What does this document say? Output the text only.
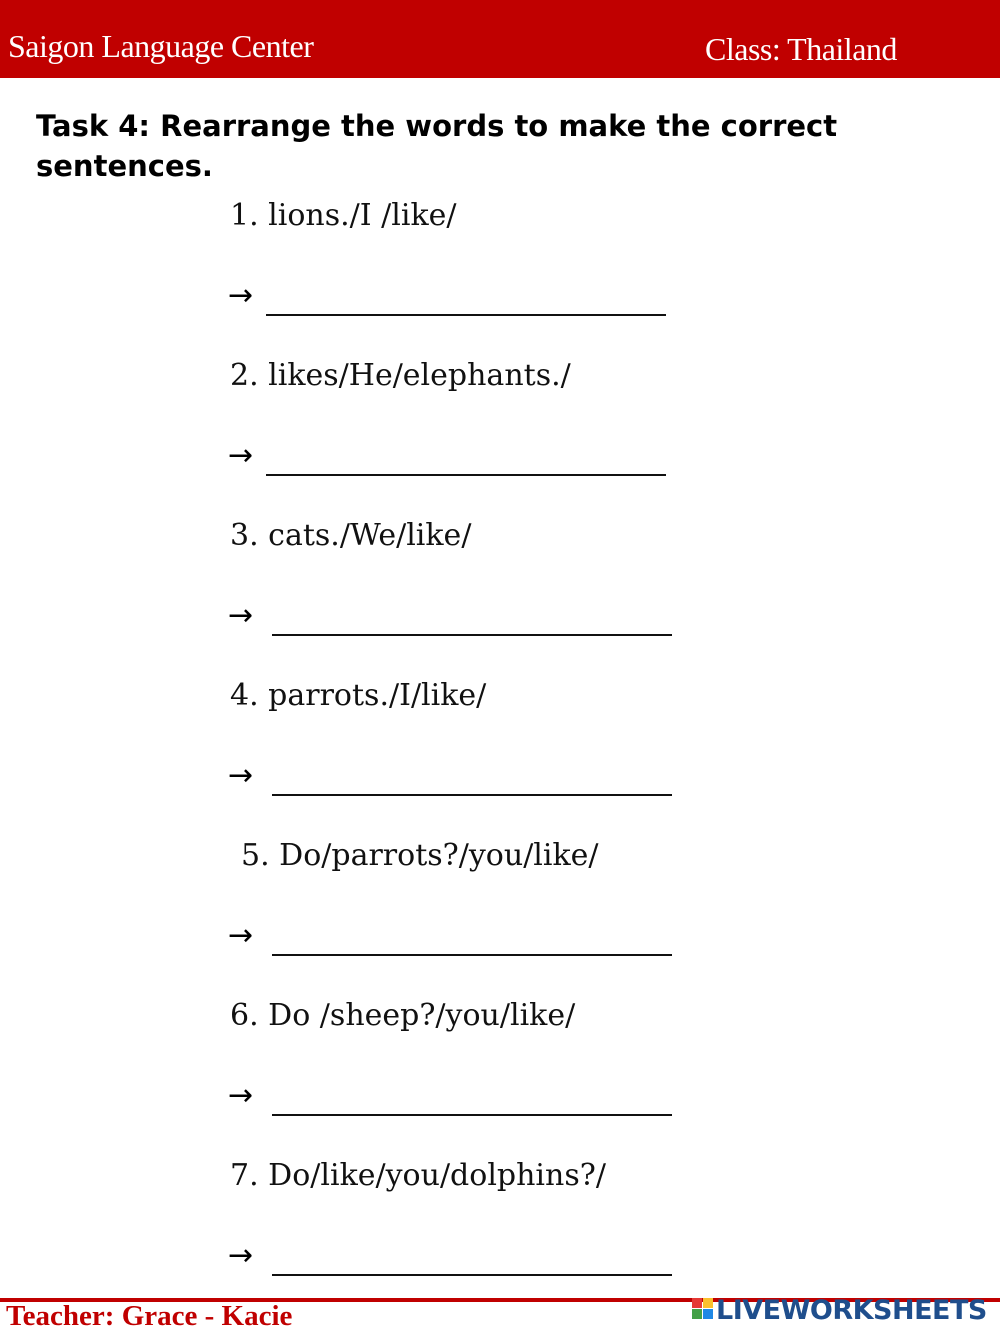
Saigon Language Center	Class: Thailand
Task 4: Rearrange the words to make the correct sentences.
1. lions./I /like/
→
2. likes/He/elephants./
→
3. cats./We/like/
→
4. parrots./I/like/
→
5. Do/parrots?/you/like/
→
6. Do /sheep?/you/like/
→
7. Do/like/you/dolphins?/
→
Teacher: Grace - Kacie	LIVEWORKSHEETS
